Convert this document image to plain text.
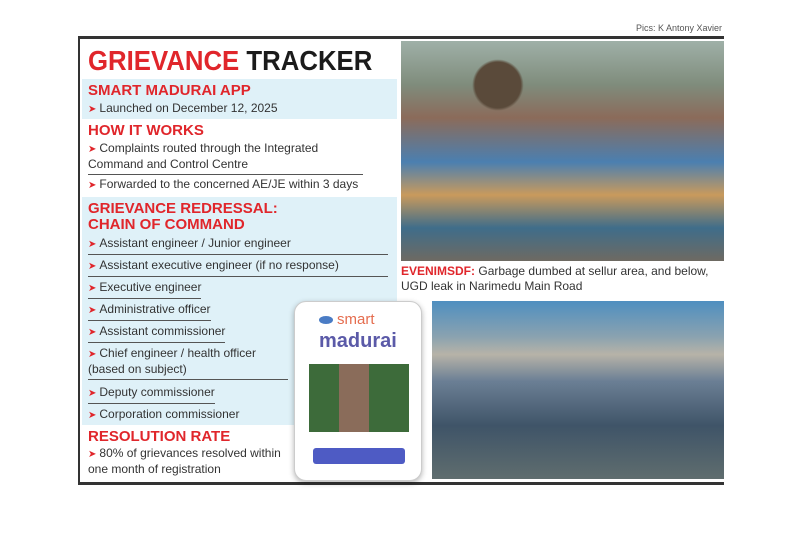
Pics: K Antony Xavier
GRIEVANCE TRACKER
SMART MADURAI APP
➤ Launched on December 12, 2025
HOW IT WORKS
➤ Complaints routed through the Integrated Command and Control Centre
➤ Forwarded to the concerned AE/JE within 3 days
GRIEVANCE REDRESSAL:
CHAIN OF COMMAND
➤ Assistant engineer / Junior engineer
➤ Assistant executive engineer (if no response)
➤ Executive engineer
➤ Administrative officer
➤ Assistant commissioner
➤ Chief engineer / health officer (based on subject)
➤ Deputy commissioner
➤ Corporation commissioner
RESOLUTION RATE
➤ 80% of grievances resolved within one month of registration
smart
madurai
EVENIMSDF: Garbage dumbed at sellur area, and below, UGD leak in Narimedu Main Road
